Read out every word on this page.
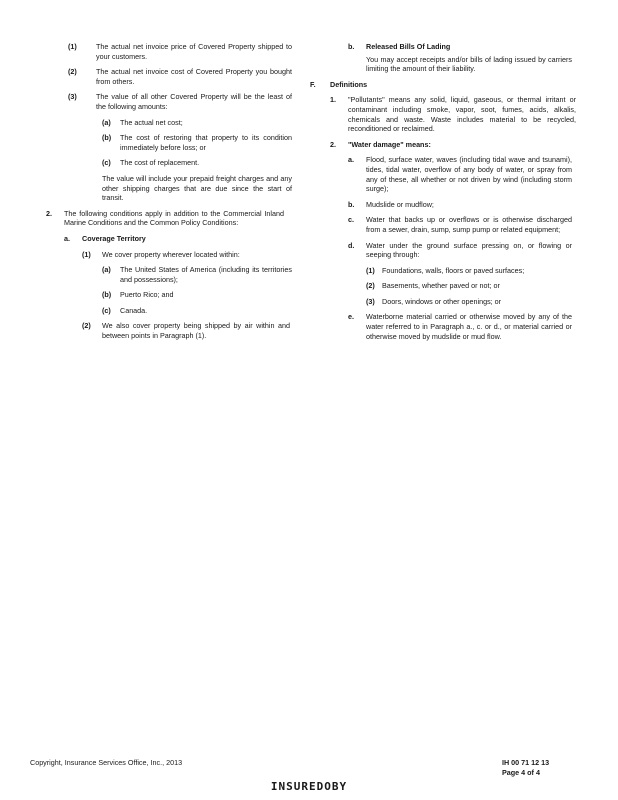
(1)	The actual net invoice price of Covered Property shipped to your customers.
(2)	The actual net invoice cost of Covered Property you bought from others.
(3)	The value of all other Covered Property will be the least of the following amounts:
(a) The actual net cost;
(b) The cost of restoring that property to its condition immediately before loss; or
(c) The cost of replacement.
The value will include your prepaid freight charges and any other shipping charges that are due since the start of transit.
2. The following conditions apply in addition to the Commercial Inland Marine Conditions and the Common Policy Conditions:
a. Coverage Territory
(1) We cover property wherever located within:
(a) The United States of America (including its territories and possessions);
(b) Puerto Rico; and
(c) Canada.
(2) We also cover property being shipped by air within and between points in Paragraph (1).
b. Released Bills Of Lading
You may accept receipts and/or bills of lading issued by carriers limiting the amount of their liability.
F. Definitions
1. "Pollutants" means any solid, liquid, gaseous, or thermal irritant or contaminant including smoke, vapor, soot, fumes, acids, alkalis, chemicals and waste. Waste includes material to be recycled, reconditioned or reclaimed.
2. "Water damage" means:
a. Flood, surface water, waves (including tidal wave and tsunami), tides, tidal water, overflow of any body of water, or spray from any of these, all whether or not driven by wind (including storm surge);
b. Mudslide or mudflow;
c. Water that backs up or overflows or is otherwise discharged from a sewer, drain, sump, sump pump or related equipment;
d. Water under the ground surface pressing on, or flowing or seeping through:
(1) Foundations, walls, floors or paved surfaces;
(2) Basements, whether paved or not; or
(3) Doors, windows or other openings; or
e. Waterborne material carried or otherwise moved by any of the water referred to in Paragraph a., c. or d., or material carried or otherwise moved by mudslide or mud flow.
Copyright, Insurance Services Office, Inc., 2013	IH 00 71 12 13
Page 4 of 4
INSUREDOBY
